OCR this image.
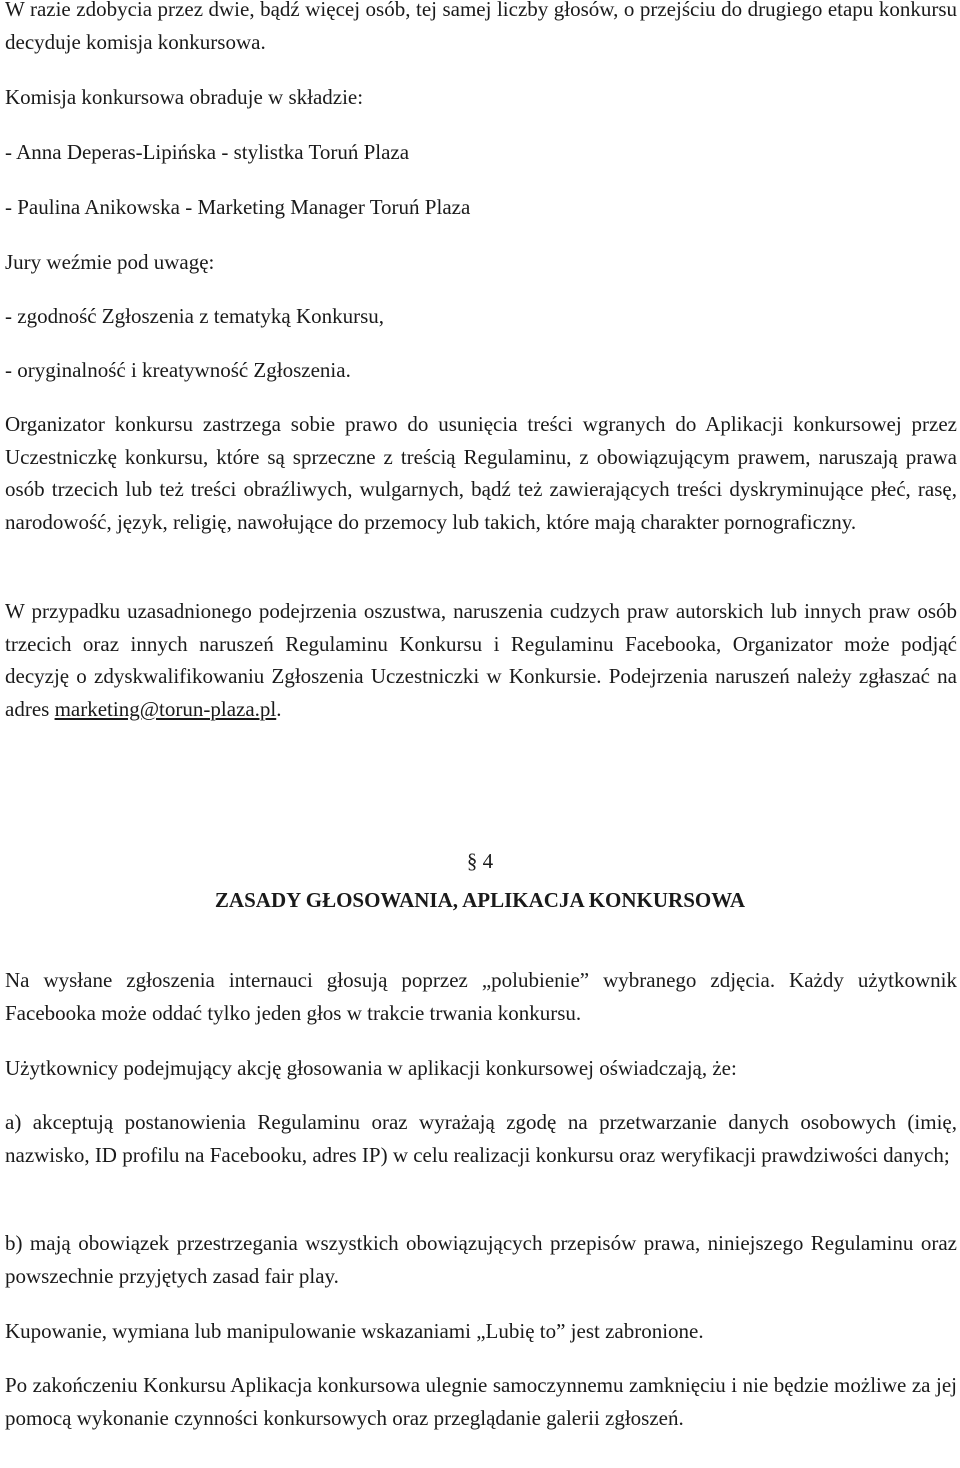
W razie zdobycia przez dwie, bądź więcej osób, tej samej liczby głosów, o przejściu do drugiego etapu konkursu decyduje komisja konkursowa.

Komisja konkursowa obraduje w składzie:

- Anna Deperas-Lipińska - stylistka Toruń Plaza

- Paulina Anikowska - Marketing Manager Toruń Plaza

Jury weźmie pod uwagę:

- zgodność Zgłoszenia z tematyką Konkursu,

- oryginalność i kreatywność Zgłoszenia.

Organizator konkursu zastrzega sobie prawo do usunięcia treści wgranych do Aplikacji konkursowej przez Uczestniczkę konkursu, które są sprzeczne z treścią Regulaminu, z obowiązującym prawem, naruszają prawa osób trzecich lub też treści obraźliwych, wulgarnych, bądź też zawierających treści dyskryminujące płeć, rasę, narodowość, język, religię, nawołujące do przemocy lub takich, które mają charakter pornograficzny.

W przypadku uzasadnionego podejrzenia oszustwa, naruszenia cudzych praw autorskich lub innych praw osób trzecich oraz innych naruszeń Regulaminu Konkursu i Regulaminu Facebooka, Organizator może podjąć decyzję o zdyskwalifikowaniu Zgłoszenia Uczestniczki w Konkursie. Podejrzenia naruszeń należy zgłaszać na adres marketing@torun-plaza.pl.

§ 4
ZASADY GŁOSOWANIA, APLIKACJA KONKURSOWA

Na wysłane zgłoszenia internauci głosują poprzez „polubienie” wybranego zdjęcia. Każdy użytkownik Facebooka może oddać tylko jeden głos w trakcie trwania konkursu.

Użytkownicy podejmujący akcję głosowania w aplikacji konkursowej oświadczają, że:

a) akceptują postanowienia Regulaminu oraz wyrażają zgodę na przetwarzanie danych osobowych (imię, nazwisko, ID profilu na Facebooku, adres IP) w celu realizacji konkursu oraz weryfikacji prawdziwości danych;

b) mają obowiązek przestrzegania wszystkich obowiązujących przepisów prawa, niniejszego Regulaminu oraz powszechnie przyjętych zasad fair play.

Kupowanie, wymiana lub manipulowanie wskazaniami „Lubię to” jest zabronione.

Po zakończeniu Konkursu Aplikacja konkursowa ulegnie samoczynnemu zamknięciu i nie będzie możliwe za jej pomocą wykonanie czynności konkursowych oraz przeglądanie galerii zgłoszeń.
